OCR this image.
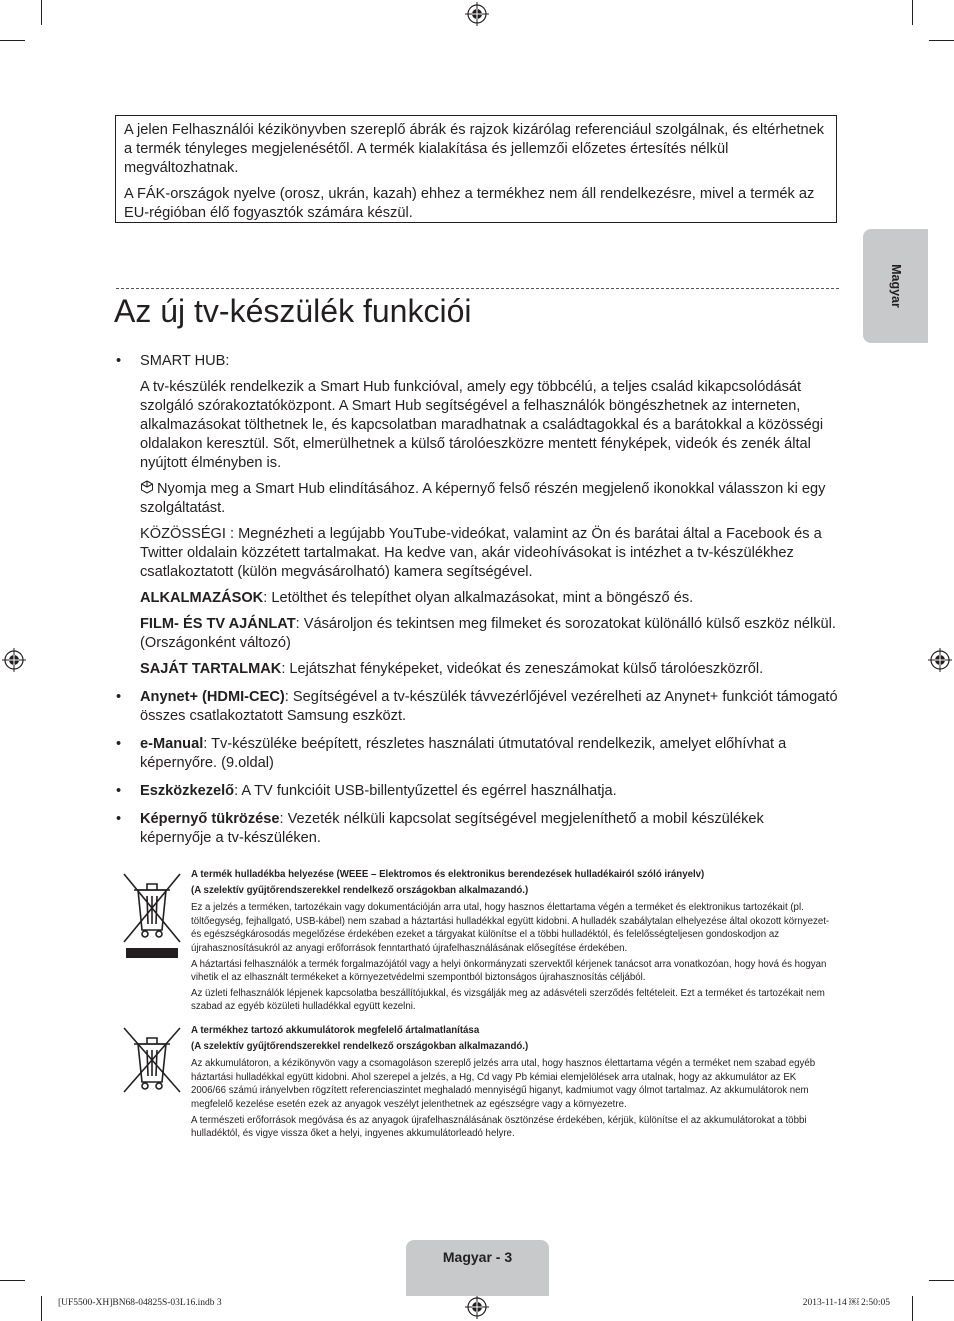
A jelen Felhasználói kézikönyvben szereplő ábrák és rajzok kizárólag referenciául szolgálnak, és eltérhetnek a termék tényleges megjelenésétől. A termék kialakítása és jellemzői előzetes értesítés nélkül megváltozhatnak.

A FÁK-országok nyelve (orosz, ukrán, kazah) ehhez a termékhez nem áll rendelkezésre, mivel a termék az EU-régióban élő fogyasztók számára készül.

Magyar
Az új tv-készülék funkciói
• SMART HUB:

A tv-készülék rendelkezik a Smart Hub funkcióval, amely egy többcélú, a teljes család kikapcsolódását szolgáló szórakoztatóközpont. A Smart Hub segítségével a felhasználók böngészhetnek az interneten, alkalmazásokat tölthetnek le, és kapcsolatban maradhatnak a családtagokkal és a barátokkal a közösségi oldalakon keresztül. Sőt, elmerülhetnek a külső tárolóeszközre mentett fényképek, videók és zenék által nyújtott élményben is.

Nyomja meg a Smart Hub elindításához. A képernyő felső részén megjelenő ikonokkal válasszon ki egy szolgáltatást.

KÖZÖSSÉGI : Megnézheti a legújabb YouTube-videókat, valamint az Ön és barátai által a Facebook és a Twitter oldalain közzétett tartalmakat. Ha kedve van, akár videohívásokat is intézhet a tv-készülékhez csatlakoztatott (külön megvásárolható) kamera segítségével.

ALKALMAZÁSOK: Letölthet és telepíthet olyan alkalmazásokat, mint a böngésző és.

FILM- ÉS TV AJÁNLAT: Vásároljon és tekintsen meg filmeket és sorozatokat különálló külső eszköz nélkül. (Országonként változó)

SAJÁT TARTALMAK: Lejátszhat fényképeket, videókat és zeneszámokat külső tárolóeszközről.

• Anynet+ (HDMI-CEC): Segítségével a tv-készülék távvezérlőjével vezérelheti az Anynet+ funkciót támogató összes csatlakoztatott Samsung eszközt.
• e-Manual: Tv-készüléke beépített, részletes használati útmutatóval rendelkezik, amelyet előhívhat a képernyőre. (9.oldal)
• Eszközkezelő: A TV funkcióit USB-billentyűzettel és egérrel használhatja.
• Képernyő tükrözése: Vezeték nélküli kapcsolat segítségével megjeleníthető a mobil készülékek képernyője a tv-készüléken.

A termék hulladékba helyezése (WEEE – Elektromos és elektronikus berendezések hulladékairól szóló irányelv)

(A szelektív gyűjtőrendszerekkel rendelkező országokban alkalmazandó.)

Ez a jelzés a terméken, tartozékain vagy dokumentációján arra utal, hogy hasznos élettartama végén a terméket és elektronikus tartozékait (pl. töltőegység, fejhallgató, USB-kábel) nem szabad a háztartási hulladékkal együtt kidobni. A hulladék szabálytalan elhelyezése által okozott környezet- és egészségkárosodás megelőzése érdekében ezeket a tárgyakat különítse el a többi hulladéktól, és felelősségteljesen gondoskodjon az újrahasznosításukról az anyagi erőforrások fenntartható újrafelhasználásának elősegítése érdekében.

A háztartási felhasználók a termék forgalmazójától vagy a helyi önkormányzati szervektől kérjenek tanácsot arra vonatkozóan, hogy hová és hogyan vihetik el az elhasznált termékeket a környezetvédelmi szempontból biztonságos újrahasznosítás céljából.

Az üzleti felhasználók lépjenek kapcsolatba beszállítójukkal, és vizsgálják meg az adásvételi szerződés feltételeit. Ezt a terméket és tartozékait nem szabad az egyéb közületi hulladékkal együtt kezelni.

A termékhez tartozó akkumulátorok megfelelő ártalmatlanítása

(A szelektív gyűjtőrendszerekkel rendelkező országokban alkalmazandó.)

Az akkumulátoron, a kézikönyvön vagy a csomagoláson szereplő jelzés arra utal, hogy hasznos élettartama végén a terméket nem szabad egyéb háztartási hulladékkal együtt kidobni. Ahol szerepel a jelzés, a Hg, Cd vagy Pb kémiai elemjelölések arra utalnak, hogy az akkumulátor az EK 2006/66 számú irányelvben rögzített referenciaszintet meghaladó mennyiségű higanyt, kadmiumot vagy ólmot tartalmaz. Az akkumulátorok nem megfelelő kezelése esetén ezek az anyagok veszélyt jelenthetnek az egészségre vagy a környezetre.

A természeti erőforrások megóvása és az anyagok újrafelhasználásának ösztönzése érdekében, kérjük, különítse el az akkumulátorokat a többi hulladéktól, és vigye vissza őket a helyi, ingyenes akkumulátorleadó helyre.

Magyar - 3
[UF5500-XH]BN68-04825S-03L16.indb 3	2013-11-14 ￼ 2:50:05
